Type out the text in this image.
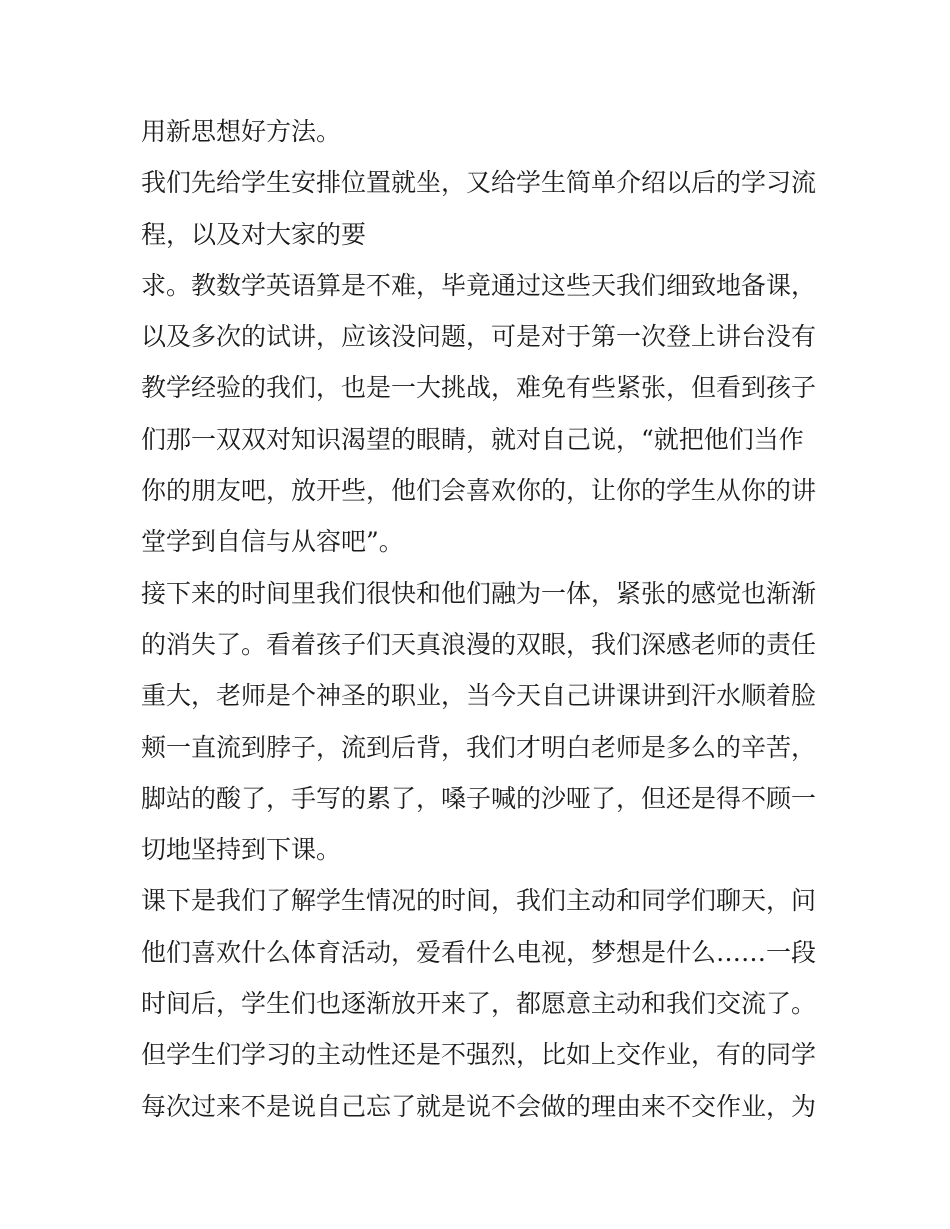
用新思想好方法。
我们先给学生安排位置就坐，又给学生简单介绍以后的学习流
程，以及对大家的要
求。教数学英语算是不难，毕竟通过这些天我们细致地备课，
以及多次的试讲，应该没问题，可是对于第一次登上讲台没有
教学经验的我们，也是一大挑战，难免有些紧张，但看到孩子
们那一双双对知识渴望的眼睛，就对自己说，“就把他们当作
你的朋友吧，放开些，他们会喜欢你的，让你的学生从你的讲
堂学到自信与从容吧”。
接下来的时间里我们很快和他们融为一体，紧张的感觉也渐渐
的消失了。看着孩子们天真浪漫的双眼，我们深感老师的责任
重大，老师是个神圣的职业，当今天自己讲课讲到汗水顺着脸
颊一直流到脖子，流到后背，我们才明白老师是多么的辛苦，
脚站的酸了，手写的累了，嗓子喊的沙哑了，但还是得不顾一
切地坚持到下课。
课下是我们了解学生情况的时间，我们主动和同学们聊天，问
他们喜欢什么体育活动，爱看什么电视，梦想是什么……一段
时间后，学生们也逐渐放开来了，都愿意主动和我们交流了。
但学生们学习的主动性还是不强烈，比如上交作业，有的同学
每次过来不是说自己忘了就是说不会做的理由来不交作业，为
